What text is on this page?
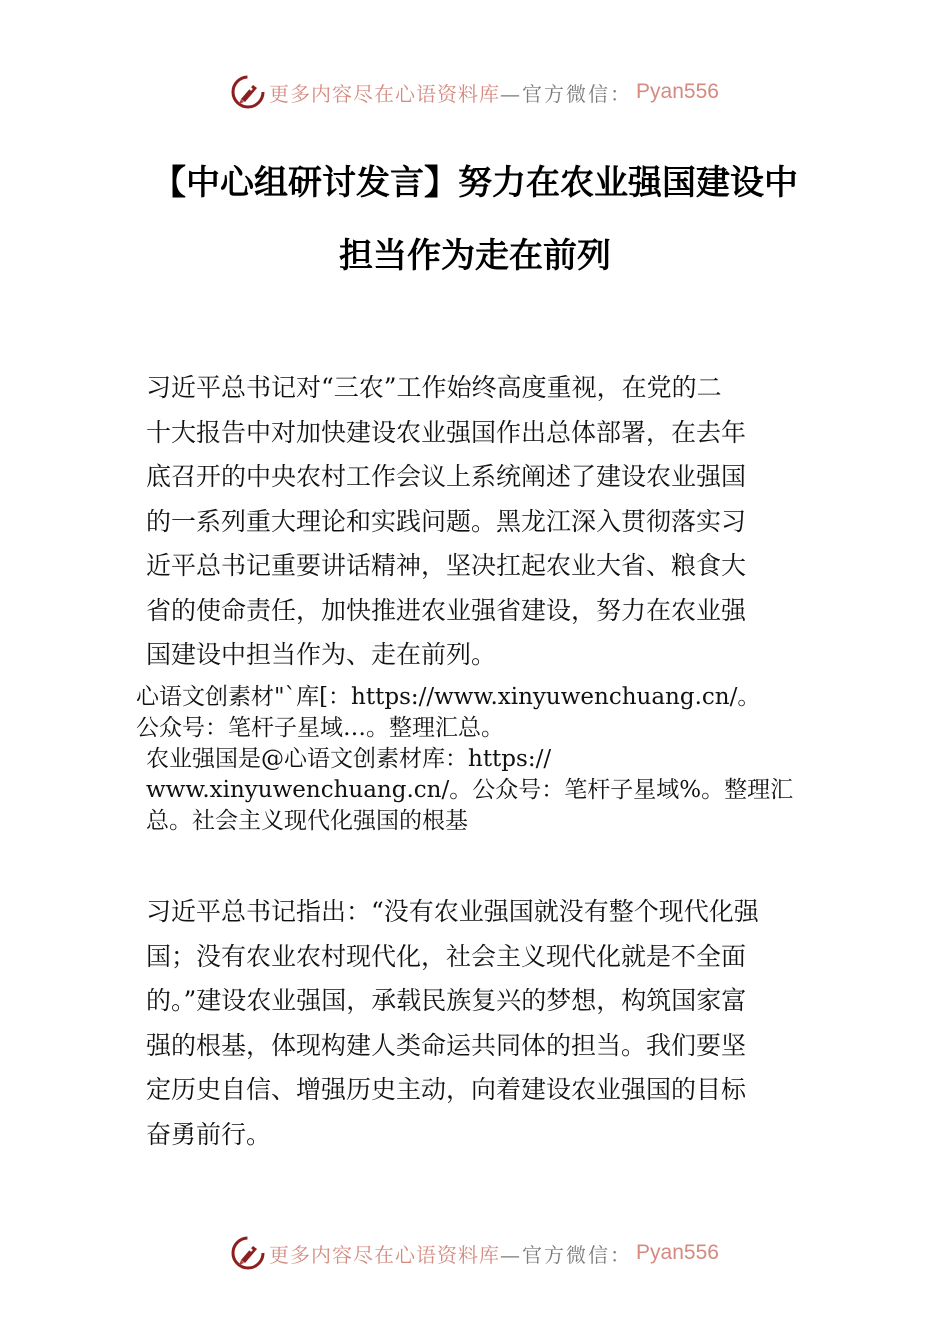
更多内容尽在心语资料库 —官方微信： Pyan556
【中心组研讨发言】努力在农业强国建设中
担当作为走在前列
习近平总书记对“三农”工作始终高度重视，在党的二
十大报告中对加快建设农业强国作出总体部署，在去年
底召开的中央农村工作会议上系统阐述了建设农业强国
的一系列重大理论和实践问题。黑龙江深入贯彻落实习
近平总书记重要讲话精神，坚决扛起农业大省、粮食大
省的使命责任，加快推进农业强省建设，努力在农业强
国建设中担当作为、走在前列。
心语文创素材"`库[：https://www.xinyuwenchuang.cn/。
公众号：笔杆子星域…。整理汇总。
农业强国是@心语文创素材库：https://
www.xinyuwenchuang.cn/。公众号：笔杆子星域%。整理汇
总。社会主义现代化强国的根基
习近平总书记指出：“没有农业强国就没有整个现代化强
国；没有农业农村现代化，社会主义现代化就是不全面
的。”建设农业强国，承载民族复兴的梦想，构筑国家富
强的根基，体现构建人类命运共同体的担当。我们要坚
定历史自信、增强历史主动，向着建设农业强国的目标
奋勇前行。
更多内容尽在心语资料库 —官方微信： Pyan556
